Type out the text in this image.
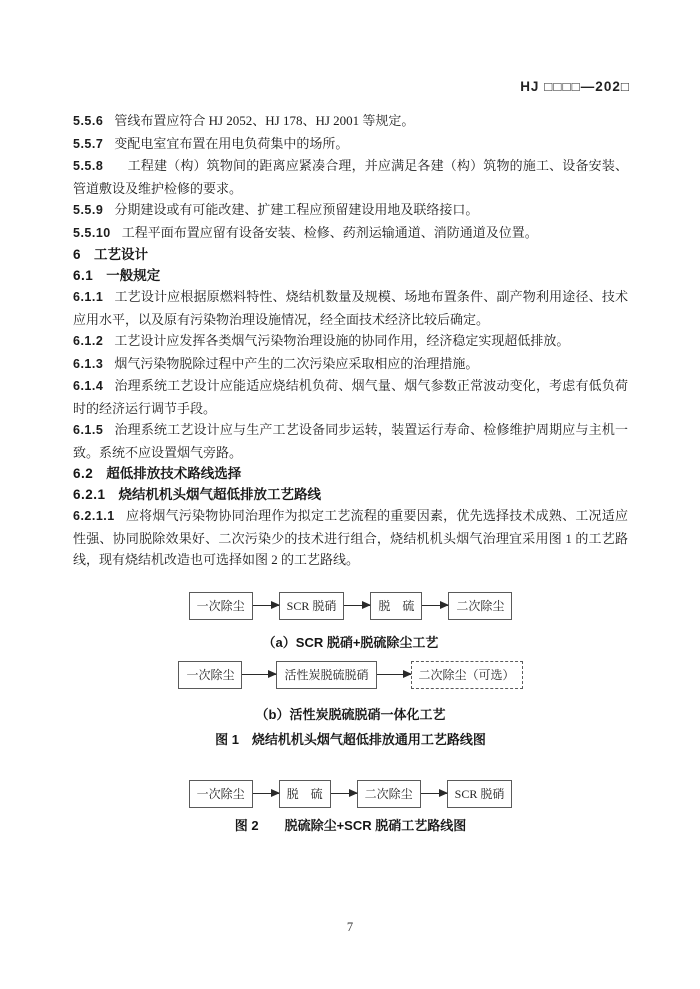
HJ □□□□—202□

5.5.6 管线布置应符合 HJ 2052、HJ 178、HJ 2001 等规定。

5.5.7 变配电室宜布置在用电负荷集中的场所。

5.5.8　工程建（构）筑物间的距离应紧凑合理，并应满足各建（构）筑物的施工、设备安装、管道敷设及维护检修的要求。

5.5.9 分期建设或有可能改建、扩建工程应预留建设用地及联络接口。

5.5.10 工程平面布置应留有设备安装、检修、药剂运输通道、消防通道及位置。

6 工艺设计
6.1 一般规定

6.1.1 工艺设计应根据原燃料特性、烧结机数量及规模、场地布置条件、副产物利用途径、技术应用水平，以及原有污染物治理设施情况，经全面技术经济比较后确定。

6.1.2 工艺设计应发挥各类烟气污染物治理设施的协同作用，经济稳定实现超低排放。

6.1.3 烟气污染物脱除过程中产生的二次污染应采取相应的治理措施。

6.1.4 治理系统工艺设计应能适应烧结机负荷、烟气量、烟气参数正常波动变化，考虑有低负荷时的经济运行调节手段。

6.1.5 治理系统工艺设计应与生产工艺设备同步运转，装置运行寿命、检修维护周期应与主机一致。系统不应设置烟气旁路。

6.2 超低排放技术路线选择
6.2.1 烧结机机头烟气超低排放工艺路线

6.2.1.1 应将烟气污染物协同治理作为拟定工艺流程的重要因素，优先选择技术成熟、工况适应性强、协同脱除效果好、二次污染少的技术进行组合，烧结机机头烟气治理宜采用图 1 的工艺路线，现有烧结机改造也可选择如图 2 的工艺路线。

一次除尘	SCR 脱硝	脱　硫	二次除尘

（a）SCR 脱硝+脱硫除尘工艺

一次除尘	活性炭脱硫脱硝	二次除尘（可选）

（b）活性炭脱硫脱硝一体化工艺

图 1　烧结机机头烟气超低排放通用工艺路线图

一次除尘	脱　硫	二次除尘	SCR 脱硝

图 2　　脱硫除尘+SCR 脱硝工艺路线图

7
